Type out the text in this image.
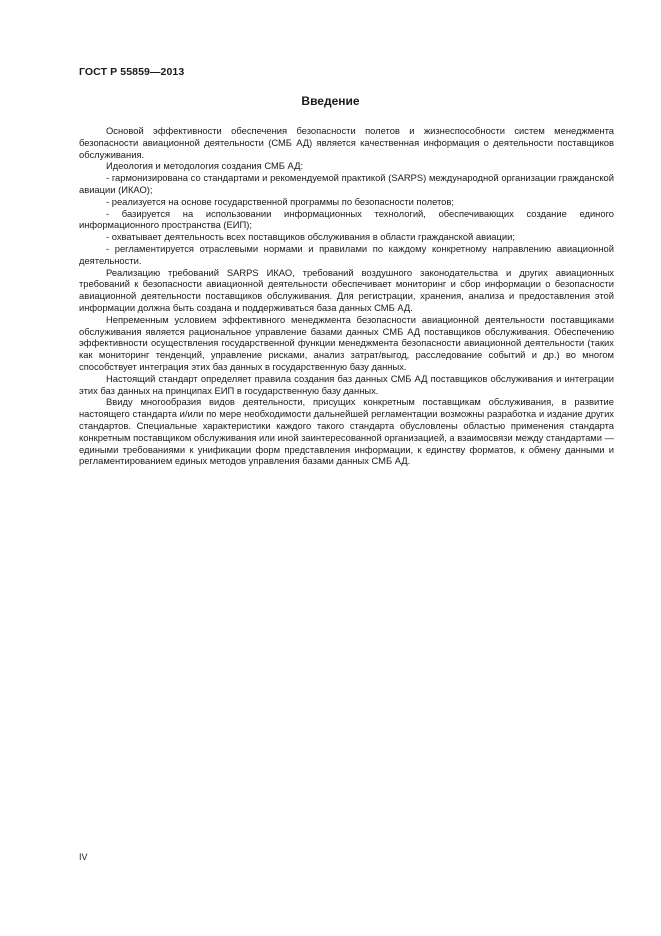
ГОСТ Р 55859—2013
Введение

Основой эффективности обеспечения безопасности полетов и жизнеспособности систем менеджмента безопасности авиационной деятельности (СМБ АД) является качественная информация о деятельности поставщиков обслуживания.

Идеология и методология создания СМБ АД:

- гармонизирована со стандартами и рекомендуемой практикой (SARPS) международной организации гражданской авиации (ИКАО);

- реализуется на основе государственной программы по безопасности полетов;

- базируется на использовании информационных технологий, обеспечивающих создание единого информационного пространства (ЕИП);

- охватывает деятельность всех поставщиков обслуживания в области гражданской авиации;

- регламентируется отраслевыми нормами и правилами по каждому конкретному направлению авиационной деятельности.

Реализацию требований SARPS ИКАО, требований воздушного законодательства и других авиационных требований к безопасности авиационной деятельности обеспечивает мониторинг и сбор информации о безопасности авиационной деятельности поставщиков обслуживания. Для регистрации, хранения, анализа и предоставления этой информации должна быть создана и поддерживаться база данных СМБ АД.

Непременным условием эффективного менеджмента безопасности авиационной деятельности поставщиками обслуживания является рациональное управление базами данных СМБ АД поставщиков обслуживания. Обеспечению эффективности осуществления государственной функции менеджмента безопасности авиационной деятельности (таких как мониторинг тенденций, управление рисками, анализ затрат/выгод, расследование событий и др.) во многом способствует интеграция этих баз данных в государственную базу данных.

Настоящий стандарт определяет правила создания баз данных СМБ АД поставщиков обслуживания и интеграции этих баз данных на принципах ЕИП в государственную базу данных.

Ввиду многообразия видов деятельности, присущих конкретным поставщикам обслуживания, в развитие настоящего стандарта и/или по мере необходимости дальнейшей регламентации возможны разработка и издание других стандартов. Специальные характеристики каждого такого стандарта обусловлены областью применения стандарта конкретным поставщиком обслуживания или иной заинтересованной организацией, а взаимосвязи между стандартами — едиными требованиями к унификации форм представления информации, к единству форматов, к обмену данными и регламентированием единых методов управления базами данных СМБ АД.

IV
